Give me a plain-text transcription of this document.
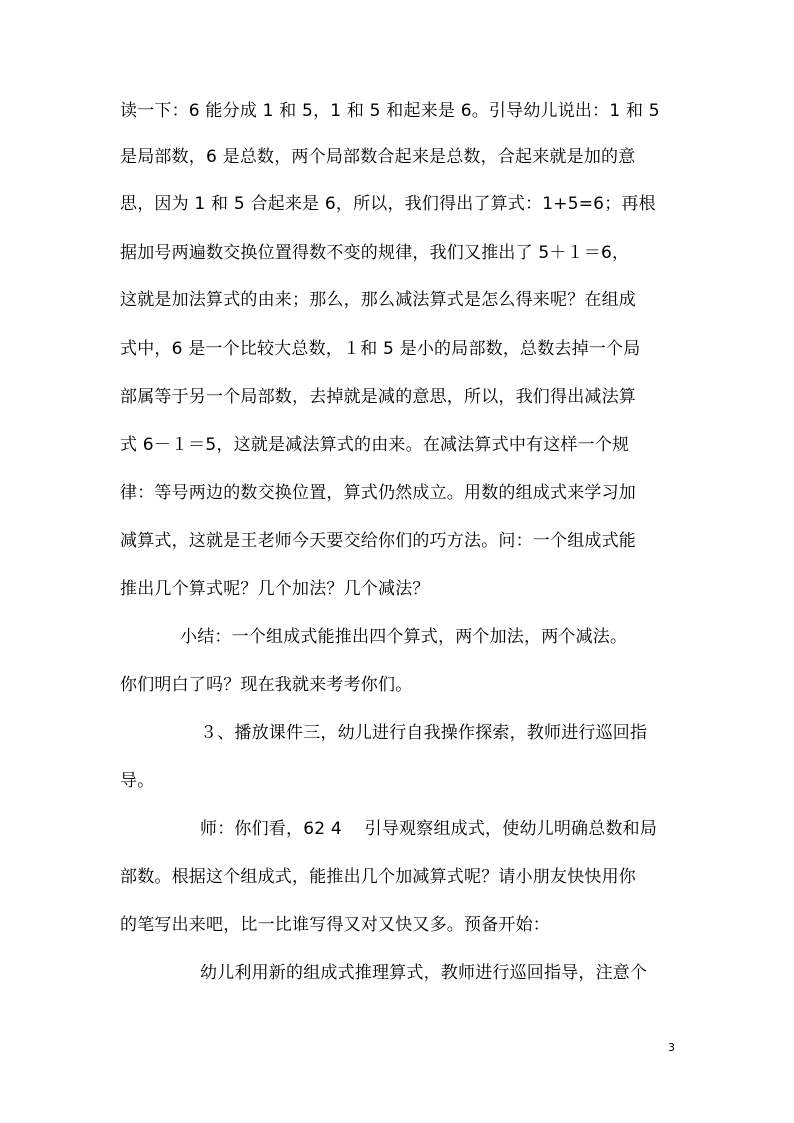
读一下：6 能分成 1 和 5，1 和 5 和起来是 6。引导幼儿说出：1 和 5
是局部数，6 是总数，两个局部数合起来是总数，合起来就是加的意
思，因为 1 和 5 合起来是 6，所以，我们得出了算式：1+5=6；再根
据加号两遍数交换位置得数不变的规律，我们又推出了 5＋１＝6，
这就是加法算式的由来；那么，那么减法算式是怎么得来呢？在组成
式中，6 是一个比较大总数，１和 5 是小的局部数，总数去掉一个局
部属等于另一个局部数，去掉就是减的意思，所以，我们得出减法算
式 6－１＝5，这就是减法算式的由来。在减法算式中有这样一个规
律：等号两边的数交换位置，算式仍然成立。用数的组成式来学习加
减算式，这就是王老师今天要交给你们的巧方法。问：一个组成式能
推出几个算式呢？几个加法？几个减法？
小结：一个组成式能推出四个算式，两个加法，两个减法。
你们明白了吗？现在我就来考考你们。
３、播放课件三，幼儿进行自我操作探索，教师进行巡回指
导。
师：你们看，62 4　 引导观察组成式，使幼儿明确总数和局
部数。根据这个组成式，能推出几个加减算式呢？请小朋友快快用你
的笔写出来吧，比一比谁写得又对又快又多。预备开始：
幼儿利用新的组成式推理算式，教师进行巡回指导，注意个
3
